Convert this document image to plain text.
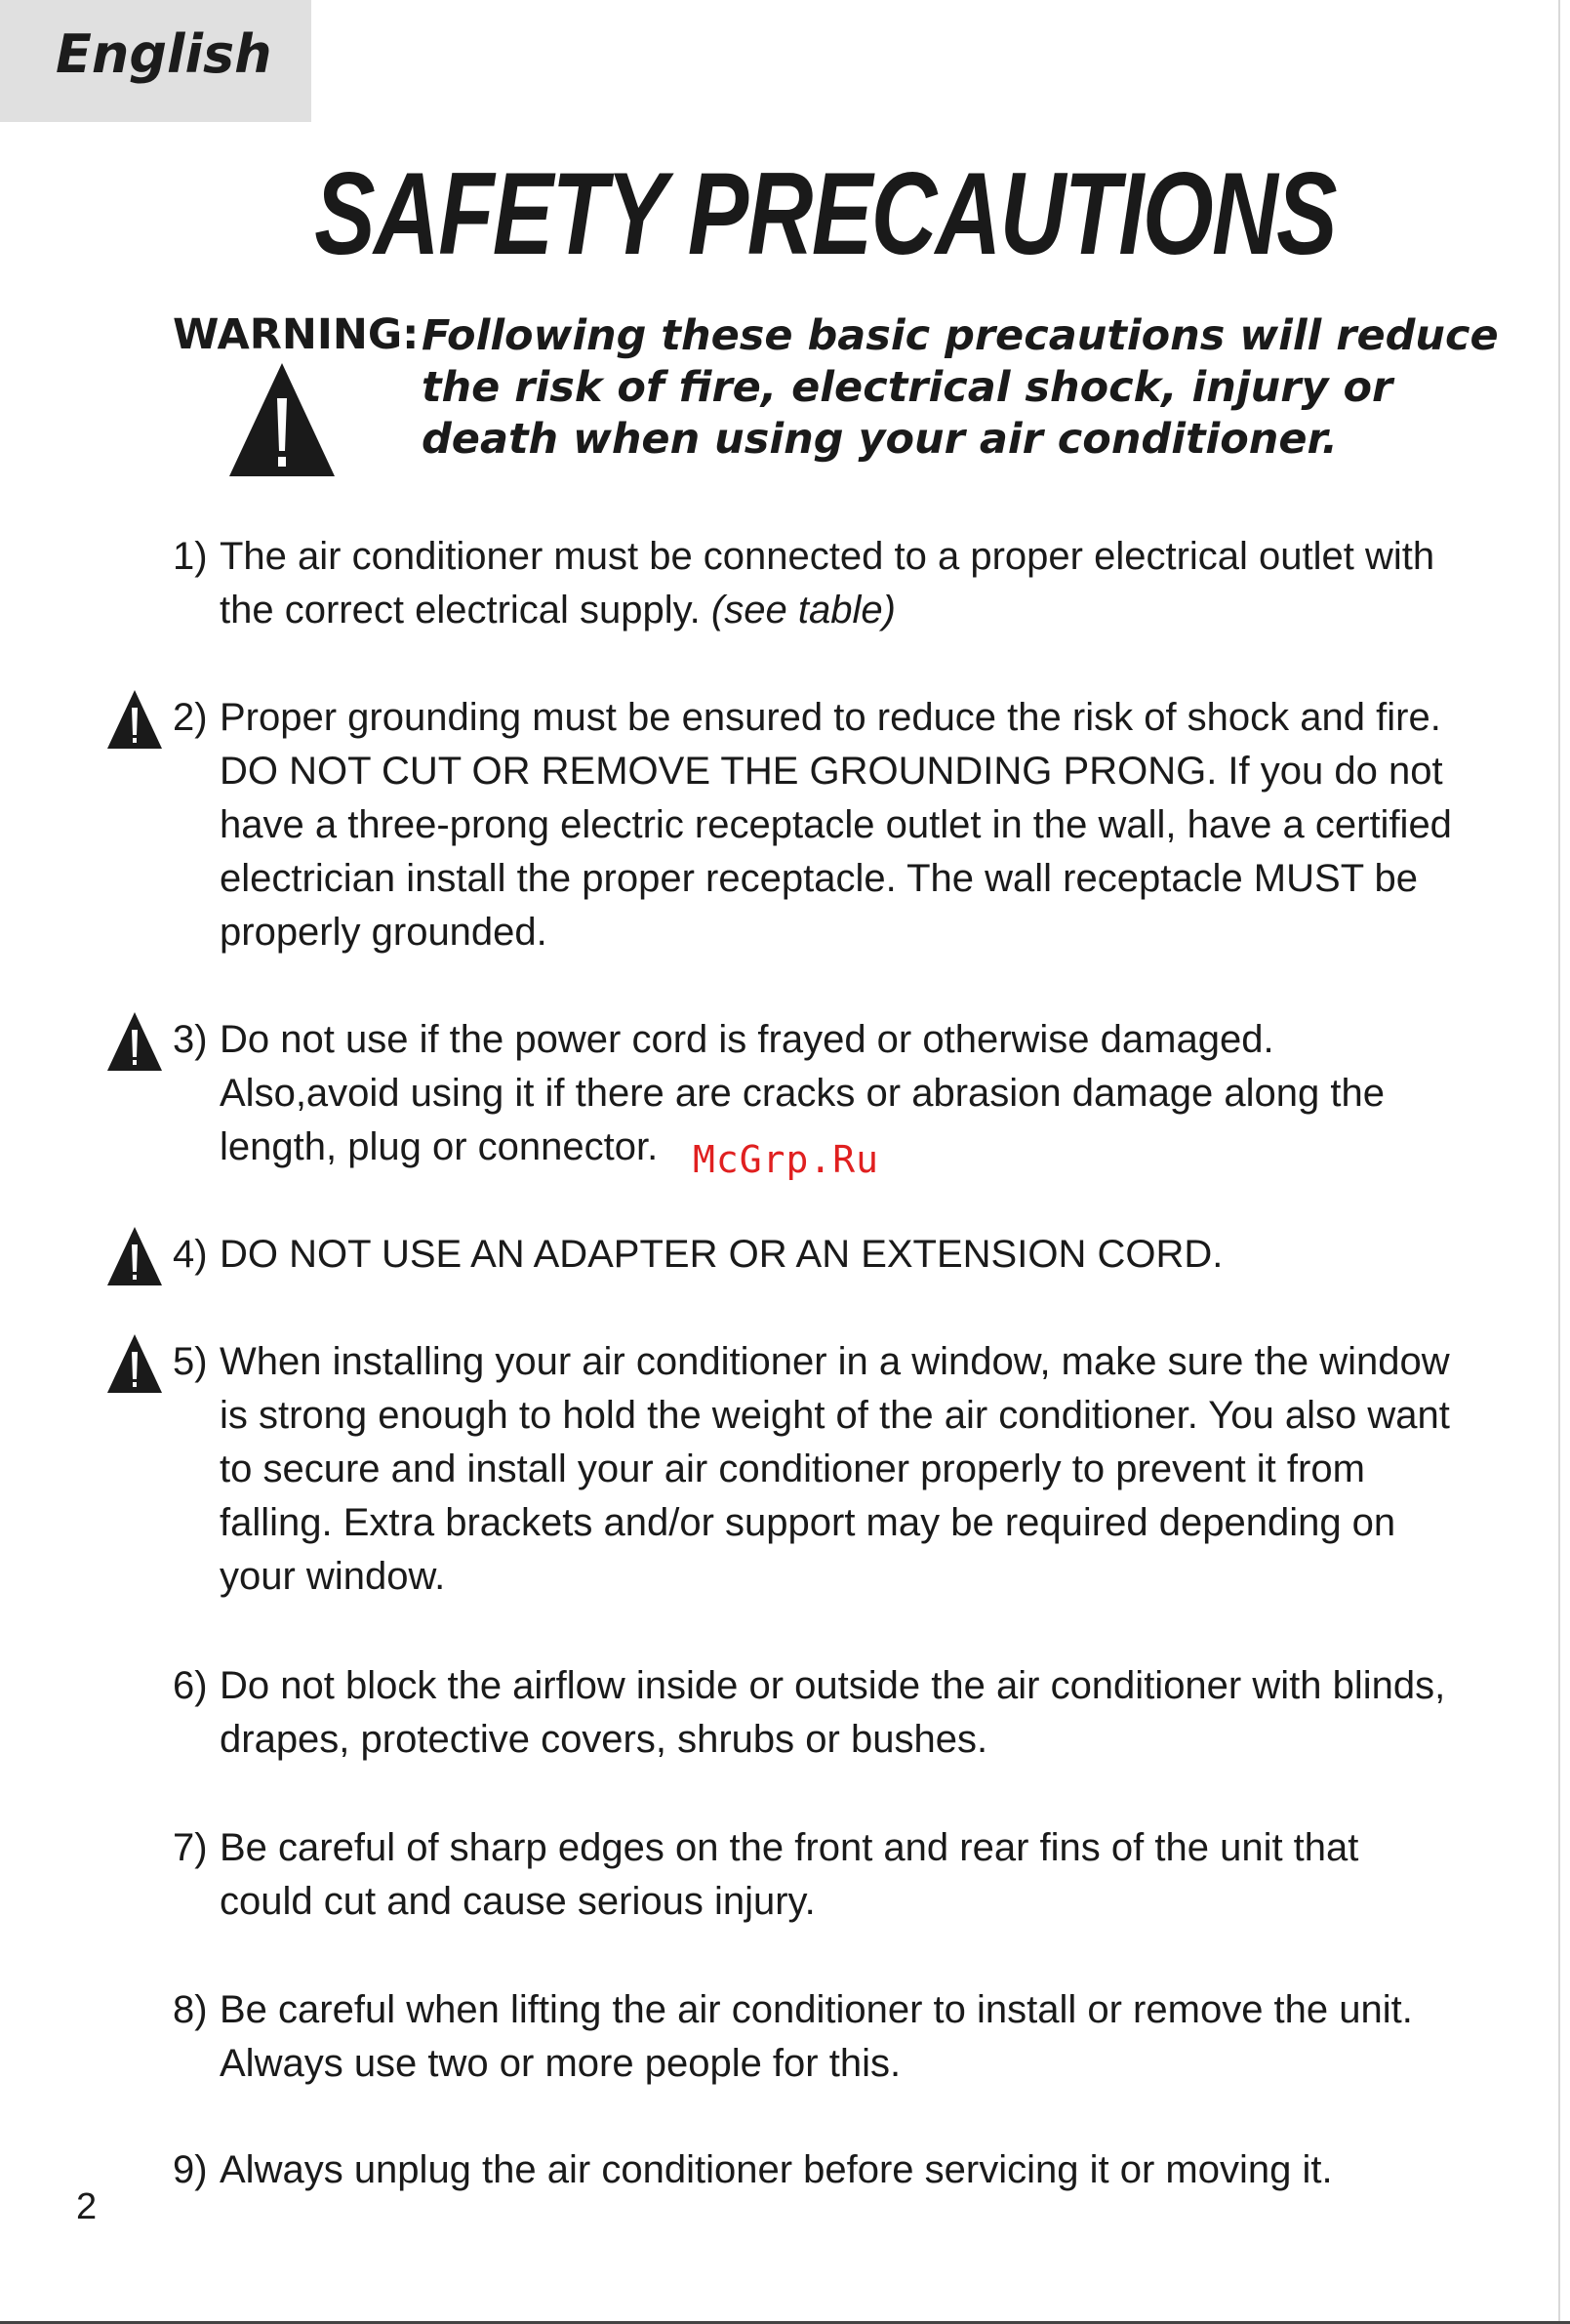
English
SAFETY PRECAUTIONS
WARNING: Following these basic precautions will reduce the risk of fire, electrical shock, injury or death when using your air conditioner.
1) The air conditioner must be connected to a proper electrical outlet with the correct electrical supply. (see table)
2) Proper grounding must be ensured to reduce the risk of shock and fire. DO NOT CUT OR REMOVE THE GROUNDING PRONG. If you do not have a three-prong electric receptacle outlet in the wall, have a certified electrician install the proper receptacle. The wall receptacle MUST be properly grounded.
3) Do not use if the power cord is frayed or otherwise damaged. Also,avoid using it if there are cracks or abrasion damage along the length, plug or connector.
4) DO NOT USE AN ADAPTER OR AN EXTENSION CORD.
5) When installing your air conditioner in a window, make sure the window is strong enough to hold the weight of the air conditioner. You also want to secure and install your air conditioner properly to prevent it from falling. Extra brackets and/or support may be required depending on your window.
6) Do not block the airflow inside or outside the air conditioner with blinds, drapes, protective covers, shrubs or bushes.
7) Be careful of sharp edges on the front and rear fins of the unit that could cut and cause serious injury.
8) Be careful when lifting the air conditioner to install or remove the unit. Always use two or more people for this.
9) Always unplug the air conditioner before servicing it or moving it.
McGrp.Ru
2
